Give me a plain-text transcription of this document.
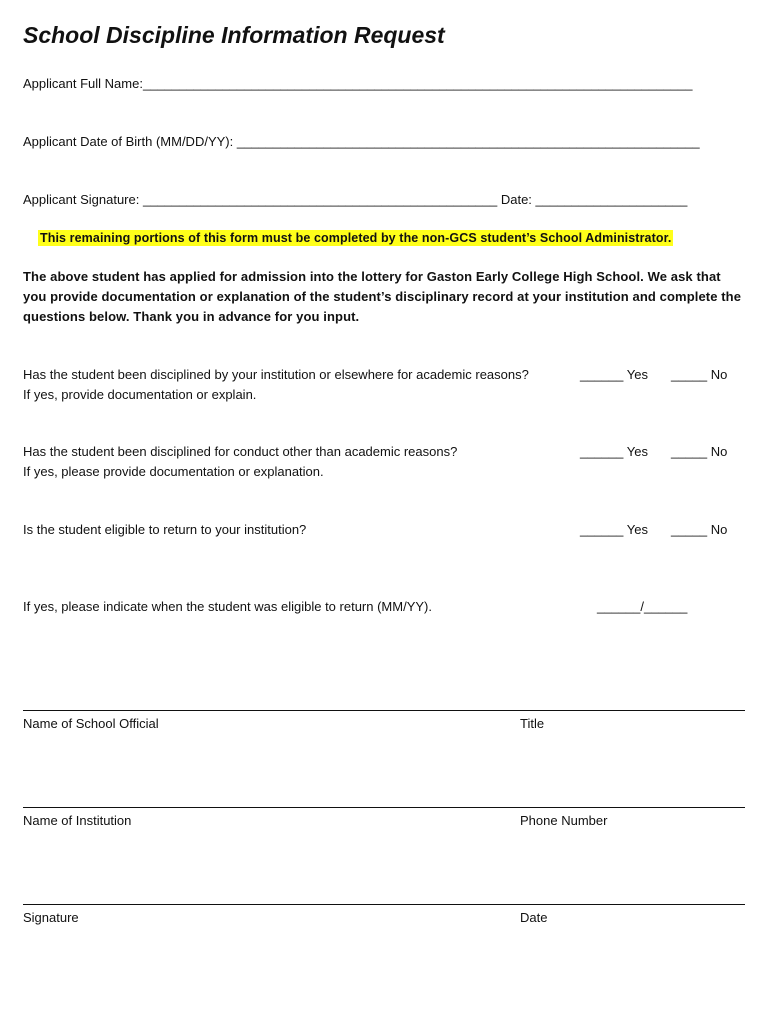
School Discipline Information Request
Applicant Full Name:____________________________________________________________________________
Applicant Date of Birth (MM/DD/YY): ________________________________________________________________
Applicant Signature: _________________________________________________ Date: _____________________
This remaining portions of this form must be completed by the non-GCS student’s School Administrator.
The above student has applied for admission into the lottery for Gaston Early College High School. We ask that you provide documentation or explanation of the student’s disciplinary record at your institution and complete the questions below. Thank you in advance for you input.
Has the student been disciplined by your institution or elsewhere for academic reasons?
If yes, provide documentation or explain.
______ Yes _____ No
Has the student been disciplined for conduct other than academic reasons?
If yes, please provide documentation or explanation.
______ Yes _____ No
Is the student eligible to return to your institution?	______ Yes _____ No
If yes, please indicate when the student was eligible to return (MM/YY).	______/______
Name of School Official	Title
Name of Institution	Phone Number
Signature	Date
